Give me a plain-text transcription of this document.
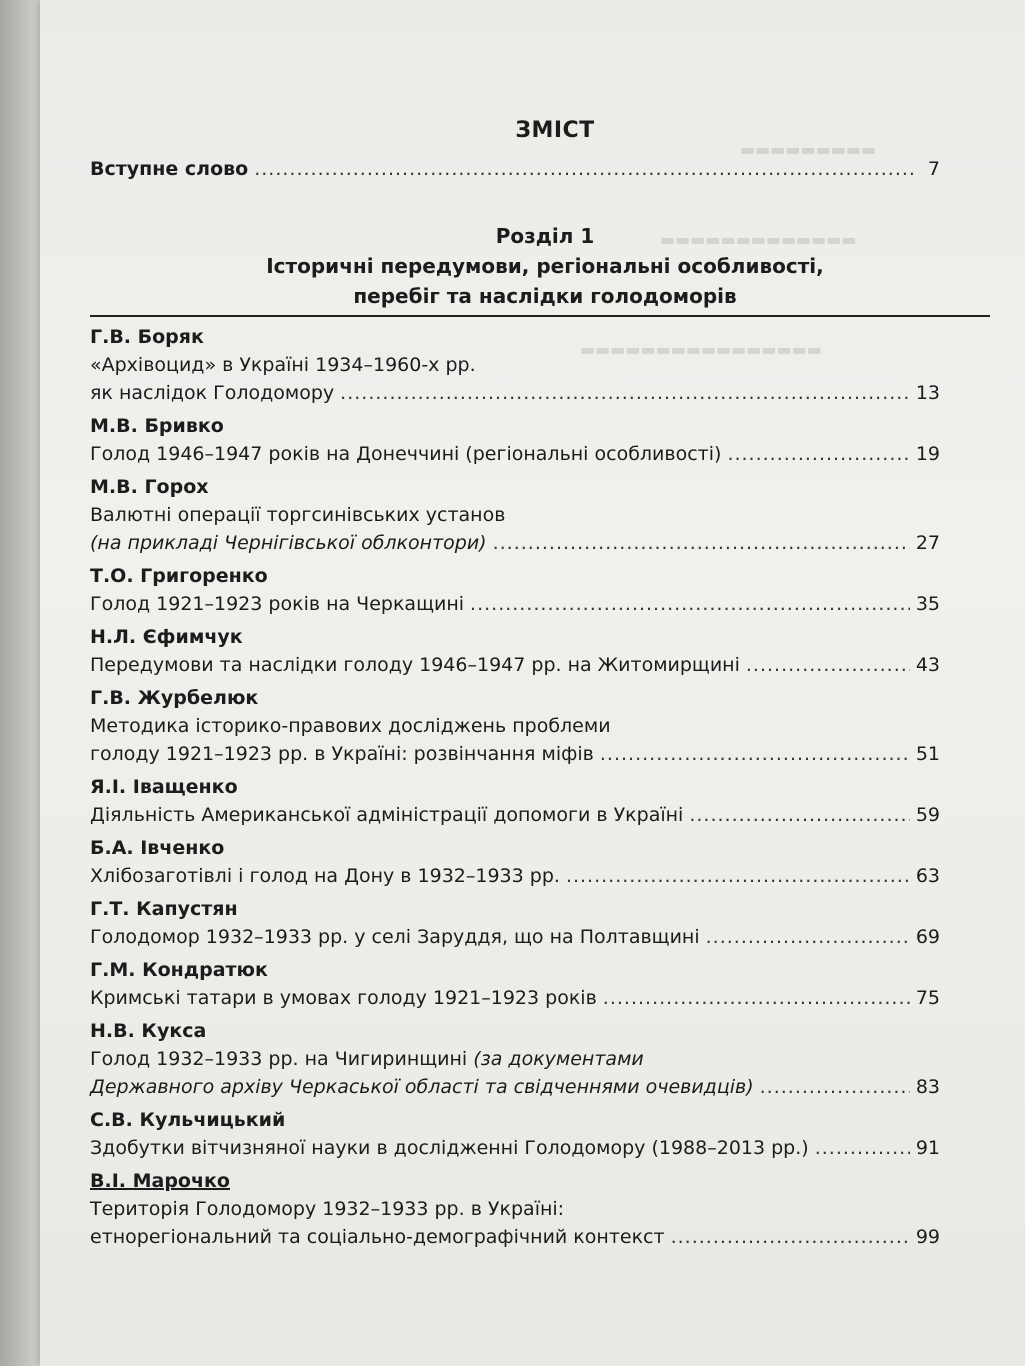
▬▬▬▬▬▬▬▬▬
▬▬▬▬▬▬▬▬▬▬▬▬▬
▬▬▬▬▬▬▬▬▬▬▬▬▬▬▬▬
ЗМІСТ
Вступне слово .....	7
Розділ 1
Історичні передумови, регіональні особливості,
перебіг та наслідки голодоморів
Г.В. Боряк
«Архівоцид» в Україні 1934–1960-х рр.
як наслідок Голодомору .....	13
М.В. Бривко
Голод 1946–1947 років на Донеччині (регіональні особливості) .....	19
М.В. Горох
Валютні операції торгсинівських установ
(на прикладі Чернігівської облконтори) .....	27
Т.О. Григоренко
Голод 1921–1923 років на Черкащині .....	35
Н.Л. Єфимчук
Передумови та наслідки голоду 1946–1947 рр. на Житомирщині .....	43
Г.В. Журбелюк
Методика історико-правових досліджень проблеми
голоду 1921–1923 рр. в Україні: розвінчання міфів .....	51
Я.І. Іващенко
Діяльність Американської адміністрації допомоги в Україні .....	59
Б.А. Івченко
Хлібозаготівлі і голод на Дону в 1932–1933 рр. .....	63
Г.Т. Капустян
Голодомор 1932–1933 рр. у селі Заруддя, що на Полтавщині .....	69
Г.М. Кондратюк
Кримські татари в умовах голоду 1921–1923 років .....	75
Н.В. Кукса
Голод 1932–1933 рр. на Чигиринщині (за документами
Державного архіву Черкаської області та свідченнями очевидців) .....	83
С.В. Кульчицький
Здобутки вітчизняної науки в дослідженні Голодомору (1988–2013 рр.) .....	91
В.І. Марочко
Територія Голодомору 1932–1933 рр. в Україні:
етнорегіональний та соціально-демографічний контекст .....	99
